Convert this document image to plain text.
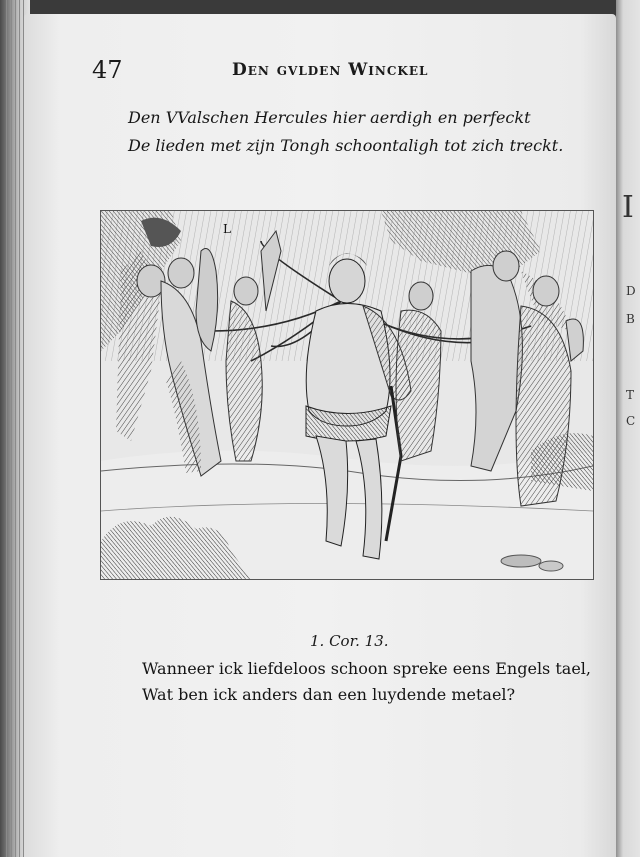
I
D
B
T
C
47	Den gvlden Winckel
Den VValschen Hercules hier aerdigh en perfeckt
De lieden met zijn Tongh schoontaligh tot zich treckt.
L
1. Cor. 13.
Wanneer ick liefdeloos schoon spreke eens Engels tael,
Wat ben ick anders dan een luydende metael?
